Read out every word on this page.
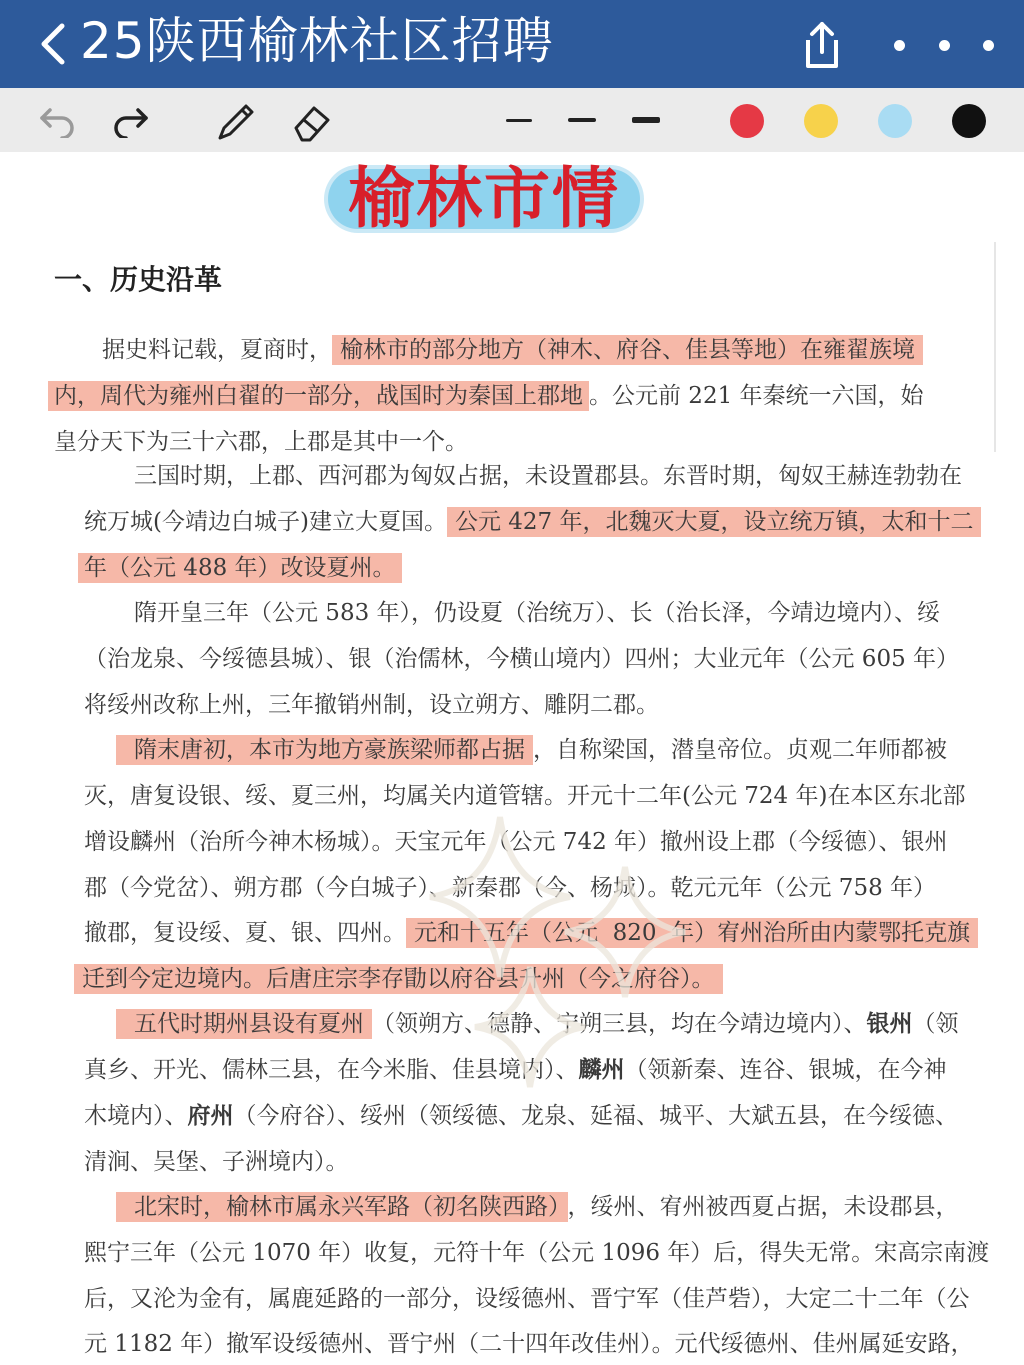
25陕西榆林社区招聘
榆林市情
一、历史沿革
据史料记载，夏商时， 榆林市的部分地方（神木、府谷、佳县等地）在雍翟族境
内，周代为雍州白翟的一部分，战国时为秦国上郡地 。公元前 221 年秦统一六国，始
皇分天下为三十六郡，上郡是其中一个。
三国时期，上郡、西河郡为匈奴占据，未设置郡县。东晋时期，匈奴王赫连勃勃在
统万城(今靖边白城子)建立大夏国。 公元 427 年，北魏灭大夏，设立统万镇，太和十二
年（公元 488 年）改设夏州。
隋开皇三年（公元 583 年），仍设夏（治统万）、长（治长泽，今靖边境内）、绥
（治龙泉、今绥德县城）、银（治儒林，今横山境内）四州；大业元年（公元 605 年）
将绥州改称上州，三年撤销州制，设立朔方、雕阴二郡。
隋末唐初，本市为地方豪族梁师都占据 ，自称梁国，潜皇帝位。贞观二年师都被
灭，唐复设银、绥、夏三州，均属关内道管辖。开元十二年(公元 724 年)在本区东北部
增设麟州（治所今神木杨城）。天宝元年（公元 742 年）撤州设上郡（今绥德）、银州
郡（今党岔）、朔方郡（今白城子）、新秦郡（今、杨城）。乾元元年（公元 758 年）
撤郡，复设绥、夏、银、四州。 元和十五年（公元  820  年）宥州治所由内蒙鄂托克旗
迁到今定边境内。后唐庄宗李存勖以府谷县升州（今之府谷）。
五代时期州县设有夏州 （领朔方、德静、宁朔三县，均在今靖边境内）、银州（领
真乡、开光、儒林三县，在今米脂、佳县境内）、麟州（领新秦、连谷、银城，在今神
木境内）、府州（今府谷）、绥州（领绥德、龙泉、延福、城平、大斌五县，在今绥德、
清涧、吴堡、子洲境内）。
北宋时，榆林市属永兴军路（初名陕西路） ，绥州、宥州被西夏占据，未设郡县，
熙宁三年（公元 1070 年）收复，元符十年（公元 1096 年）后，得失无常。宋高宗南渡
后，又沦为金有，属鹿延路的一部分，设绥德州、晋宁军（佳芦砦），大定二十二年（公
元 1182 年）撤军设绥德州、晋宁州（二十四年改佳州）。元代绥德州、佳州属延安路，
